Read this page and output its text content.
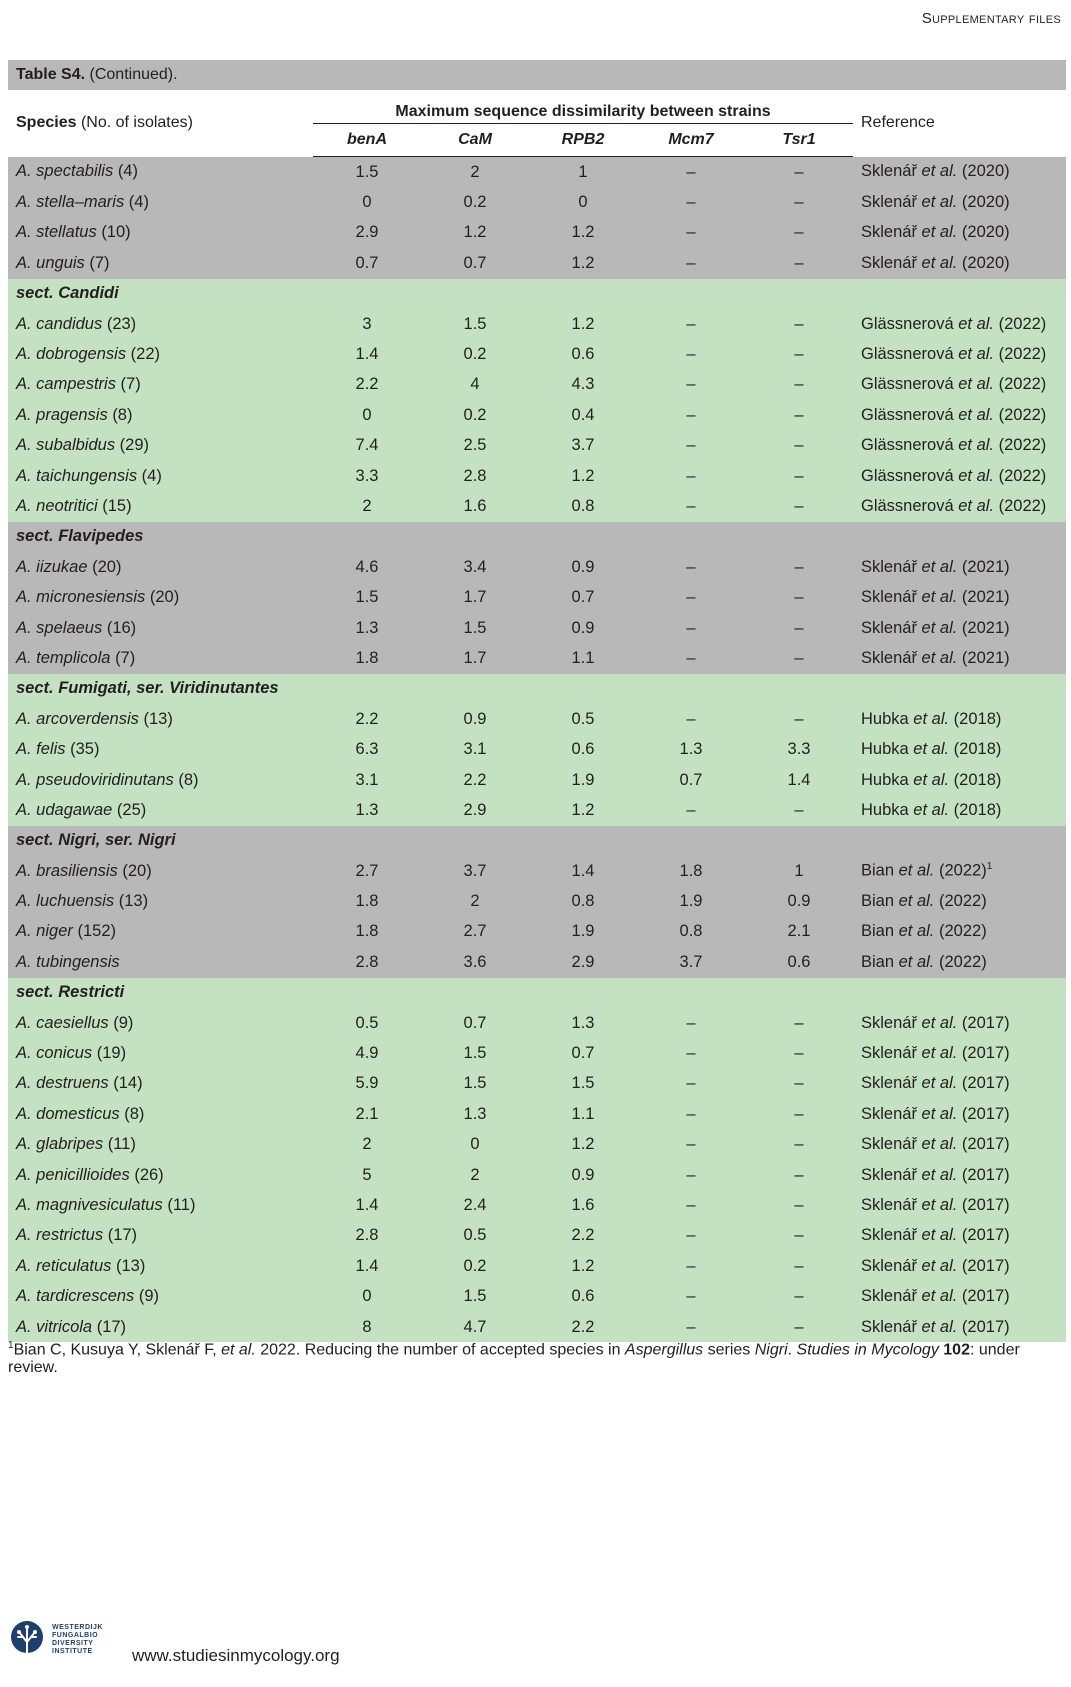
Supplementary files
Table S4. (Continued).						
Species (No. of isolates)	Maximum sequence dissimilarity between strains					Reference
	benA	CaM	RPB2	Mcm7	Tsr1	
A. spectabilis (4)	1.5	2	1	–	–	Sklenář et al. (2020)
A. stella–maris (4)	0	0.2	0	–	–	Sklenář et al. (2020)
A. stellatus (10)	2.9	1.2	1.2	–	–	Sklenář et al. (2020)
A. unguis (7)	0.7	0.7	1.2	–	–	Sklenář et al. (2020)
sect. Candidi						
A. candidus (23)	3	1.5	1.2	–	–	Glässnerová et al. (2022)
A. dobrogensis (22)	1.4	0.2	0.6	–	–	Glässnerová et al. (2022)
A. campestris (7)	2.2	4	4.3	–	–	Glässnerová et al. (2022)
A. pragensis (8)	0	0.2	0.4	–	–	Glässnerová et al. (2022)
A. subalbidus (29)	7.4	2.5	3.7	–	–	Glässnerová et al. (2022)
A. taichungensis (4)	3.3	2.8	1.2	–	–	Glässnerová et al. (2022)
A. neotritici (15)	2	1.6	0.8	–	–	Glässnerová et al. (2022)
sect. Flavipedes						
A. iizukae (20)	4.6	3.4	0.9	–	–	Sklenář et al. (2021)
A. micronesiensis (20)	1.5	1.7	0.7	–	–	Sklenář et al. (2021)
A. spelaeus (16)	1.3	1.5	0.9	–	–	Sklenář et al. (2021)
A. templicola (7)	1.8	1.7	1.1	–	–	Sklenář et al. (2021)
sect. Fumigati, ser. Viridinutantes						
A. arcoverdensis (13)	2.2	0.9	0.5	–	–	Hubka et al. (2018)
A. felis (35)	6.3	3.1	0.6	1.3	3.3	Hubka et al. (2018)
A. pseudoviridinutans (8)	3.1	2.2	1.9	0.7	1.4	Hubka et al. (2018)
A. udagawae (25)	1.3	2.9	1.2	–	–	Hubka et al. (2018)
sect. Nigri, ser. Nigri						
A. brasiliensis (20)	2.7	3.7	1.4	1.8	1	Bian et al. $(2022)^1$
A. luchuensis (13)	1.8	2	0.8	1.9	0.9	Bian et al. (2022)
A. niger (152)	1.8	2.7	1.9	0.8	2.1	Bian et al. (2022)
A. tubingensis	2.8	3.6	2.9	3.7	0.6	Bian et al. (2022)
sect. Restricti						
A. caesiellus (9)	0.5	0.7	1.3	–	–	Sklenář et al. (2017)
A. conicus (19)	4.9	1.5	0.7	–	–	Sklenář et al. (2017)
A. destruens (14)	5.9	1.5	1.5	–	–	Sklenář et al. (2017)
A. domesticus (8)	2.1	1.3	1.1	–	–	Sklenář et al. (2017)
A. glabripes (11)	2	0	1.2	–	–	Sklenář et al. (2017)
A. penicillioides (26)	5	2	0.9	–	–	Sklenář et al. (2017)
A. magnivesiculatus (11)	1.4	2.4	1.6	–	–	Sklenář et al. (2017)
A. restrictus (17)	2.8	0.5	2.2	–	–	Sklenář et al. (2017)
A. reticulatus (13)	1.4	0.2	1.2	–	–	Sklenář et al. (2017)
A. tardicrescens (9)	0	1.5	0.6	–	–	Sklenář et al. (2017)
A. vitricola (17)	8	4.7	2.2	–	–	Sklenář et al. (2017)
$^1$Bian C, Kusuya Y, Sklenář F, et al. 2022. Reducing the number of accepted species in Aspergillus series Nigri. Studies in Mycology 102: under review.
WESTERDIJK
FUNGALBIO
DIVERSITY
INSTITUTE	www.studiesinmycology.org
